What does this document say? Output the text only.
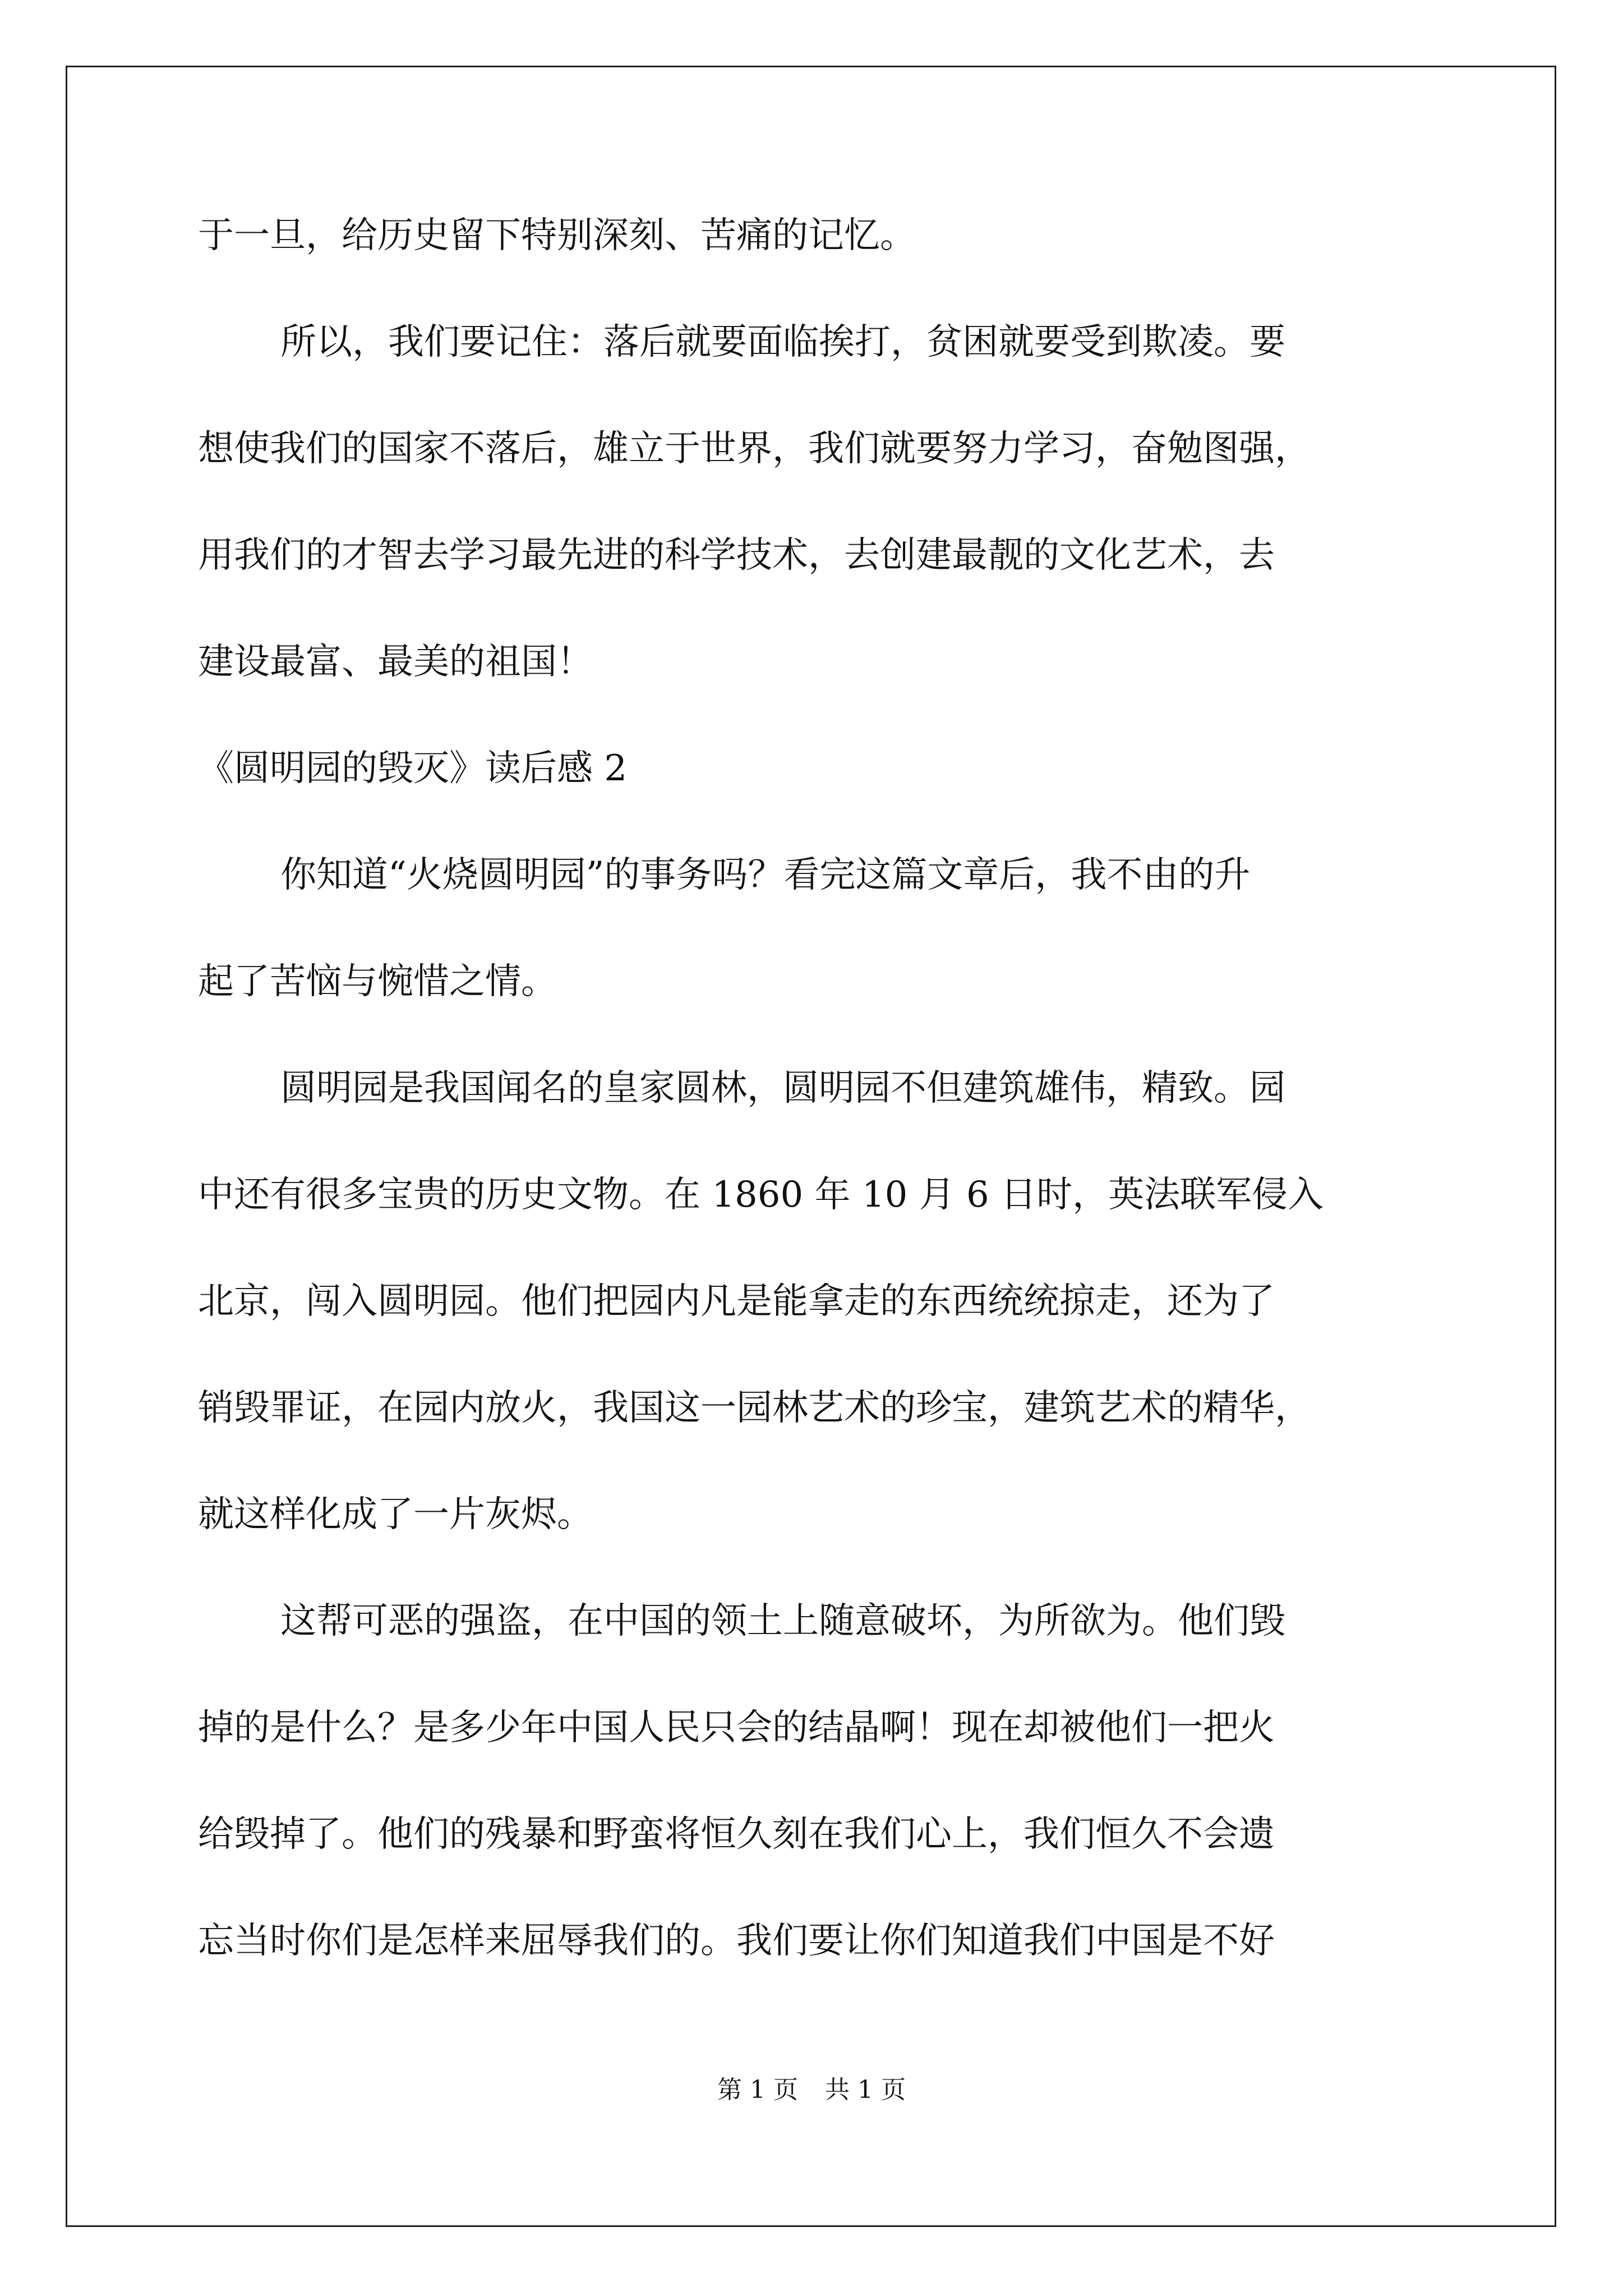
于一旦，给历史留下特别深刻、苦痛的记忆。

所以，我们要记住：落后就要面临挨打，贫困就要受到欺凌。要

想使我们的国家不落后，雄立于世界，我们就要努力学习，奋勉图强，

用我们的才智去学习最先进的科学技术，去创建最靓的文化艺术，去

建设最富、最美的祖国！

《圆明园的毁灭》读后感 2

你知道“火烧圆明园”的事务吗？看完这篇文章后，我不由的升

起了苦恼与惋惜之情。

圆明园是我国闻名的皇家圆林，圆明园不但建筑雄伟，精致。园

中还有很多宝贵的历史文物。在 1860 年 10 月 6 日时，英法联军侵入

北京，闯入圆明园。他们把园内凡是能拿走的东西统统掠走，还为了

销毁罪证，在园内放火，我国这一园林艺术的珍宝，建筑艺术的精华，

就这样化成了一片灰烬。

这帮可恶的强盗，在中国的领土上随意破坏，为所欲为。他们毁

掉的是什么？是多少年中国人民只会的结晶啊！现在却被他们一把火

给毁掉了。他们的残暴和野蛮将恒久刻在我们心上，我们恒久不会遗

忘当时你们是怎样来屈辱我们的。我们要让你们知道我们中国是不好

第 1 页 共 1 页
